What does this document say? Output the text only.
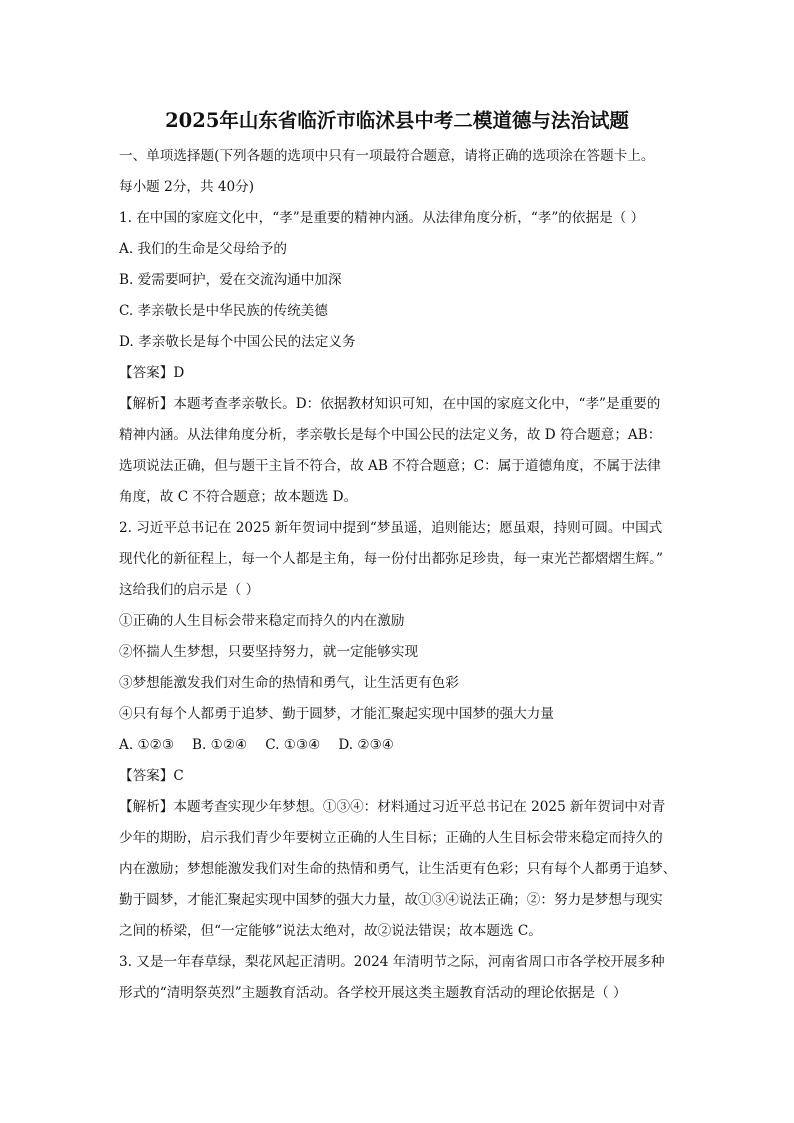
2025年山东省临沂市临沭县中考二模道德与法治试题
一、单项选择题(下列各题的选项中只有一项最符合题意，请将正确的选项涂在答题卡上。
每小题 2分，共 40分)
1. 在中国的家庭文化中，“孝”是重要的精神内涵。从法律角度分析，“孝”的依据是（ ）
A. 我们的生命是父母给予的
B. 爱需要呵护，爱在交流沟通中加深
C. 孝亲敬长是中华民族的传统美德
D. 孝亲敬长是每个中国公民的法定义务
【答案】D
【解析】本题考查孝亲敬长。D：依据教材知识可知，在中国的家庭文化中，“孝”是重要的
精神内涵。从法律角度分析，孝亲敬长是每个中国公民的法定义务，故 D 符合题意；AB：
选项说法正确，但与题干主旨不符合，故 AB 不符合题意；C：属于道德角度，不属于法律
角度，故 C 不符合题意；故本题选 D。
2. 习近平总书记在 2025 新年贺词中提到“梦虽遥，追则能达；愿虽艰，持则可圆。中国式
现代化的新征程上，每一个人都是主角，每一份付出都弥足珍贵，每一束光芒都熠熠生辉。”
这给我们的启示是（ ）
①正确的人生目标会带来稳定而持久的内在激励
②怀揣人生梦想，只要坚持努力，就一定能够实现
③梦想能激发我们对生命的热情和勇气，让生活更有色彩
④只有每个人都勇于追梦、勤于圆梦，才能汇聚起实现中国梦的强大力量
A. ①②③ B. ①②④ C. ①③④ D. ②③④
【答案】C
【解析】本题考查实现少年梦想。①③④：材料通过习近平总书记在 2025 新年贺词中对青
少年的期盼，启示我们青少年要树立正确的人生目标；正确的人生目标会带来稳定而持久的
内在激励；梦想能激发我们对生命的热情和勇气，让生活更有色彩；只有每个人都勇于追梦、
勤于圆梦，才能汇聚起实现中国梦的强大力量，故①③④说法正确；②：努力是梦想与现实
之间的桥梁，但“一定能够”说法太绝对，故②说法错误；故本题选 C。
3. 又是一年春草绿，梨花风起正清明。2024 年清明节之际，河南省周口市各学校开展多种
形式的“清明祭英烈”主题教育活动。各学校开展这类主题教育活动的理论依据是（ ）
